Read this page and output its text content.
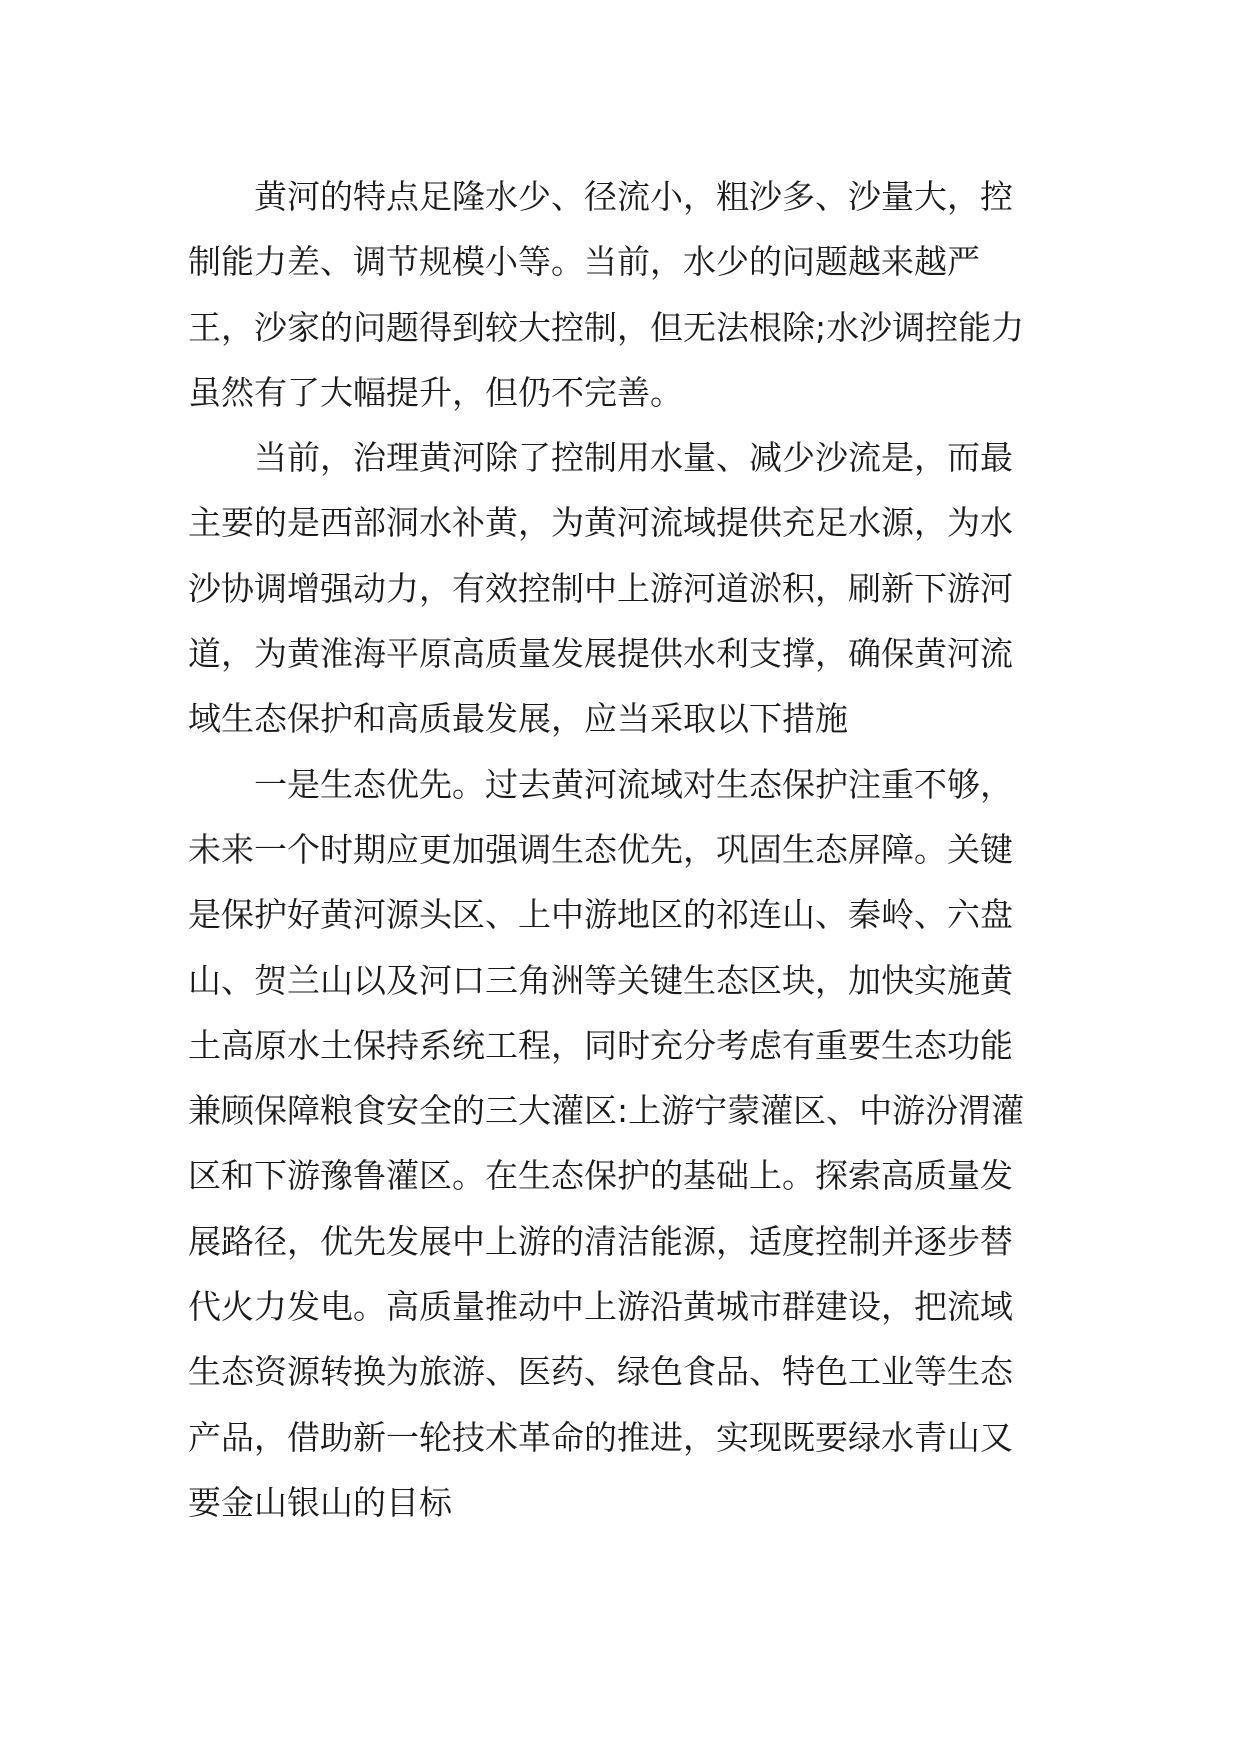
黄河的特点足隆水少、径流小，粗沙多、沙量大，控

制能力差、调节规模小等。当前，水少的问题越来越严

王，沙家的问题得到较大控制，但无法根除;水沙调控能力

虽然有了大幅提升，但仍不完善。

当前，治理黄河除了控制用水量、减少沙流是，而最

主要的是西部洞水补黄，为黄河流域提供充足水源，为水

沙协调增强动力，有效控制中上游河道淤积，刷新下游河

道，为黄淮海平原高质量发展提供水利支撑，确保黄河流

域生态保护和高质最发展，应当采取以下措施

一是生态优先。过去黄河流域对生态保护注重不够，

未来一个时期应更加强调生态优先，巩固生态屏障。关键

是保护好黄河源头区、上中游地区的祁连山、秦岭、六盘

山、贺兰山以及河口三角洲等关键生态区块，加快实施黄

土高原水土保持系统工程，同时充分考虑有重要生态功能

兼顾保障粮食安全的三大灌区:上游宁蒙灌区、中游汾渭灌

区和下游豫鲁灌区。在生态保护的基础上。探索高质量发

展路径，优先发展中上游的清洁能源，适度控制并逐步替

代火力发电。高质量推动中上游沿黄城市群建设，把流域

生态资源转换为旅游、医药、绿色食品、特色工业等生态

产品，借助新一轮技术革命的推进，实现既要绿水青山又

要金山银山的目标
